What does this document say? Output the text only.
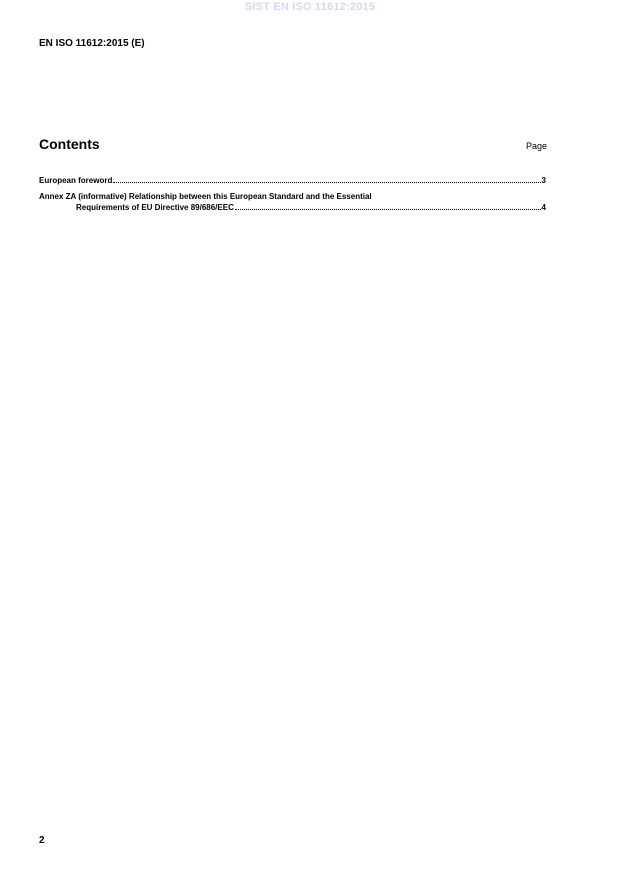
SIST EN ISO 11612:2015
EN ISO 11612:2015 (E)
Contents	Page
European foreword	3
Annex ZA (informative) Relationship between this European Standard and the Essential
Requirements of EU Directive 89/686/EEC	4
2
